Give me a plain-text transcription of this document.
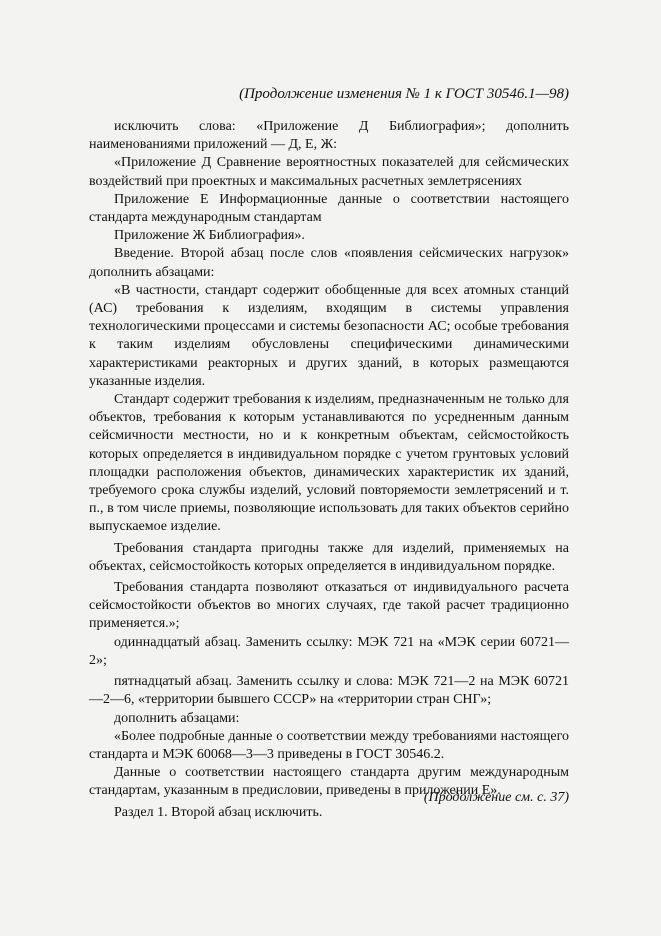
(Продолжение изменения № 1 к ГОСТ 30546.1—98)

исключить слова: «Приложение Д Библиография»; дополнить наименованиями приложений — Д, Е, Ж:

«Приложение Д Сравнение вероятностных показателей для сейсмических воздействий при проектных и максимальных расчетных землетрясениях

Приложение Е Информационные данные о соответствии настоящего стандарта международным стандартам

Приложение Ж Библиография».

Введение. Второй абзац после слов «появления сейсмических нагрузок» дополнить абзацами:

«В частности, стандарт содержит обобщенные для всех атомных станций (АС) требования к изделиям, входящим в системы управления технологическими процессами и системы безопасности АС; особые требования к таким изделиям обусловлены специфическими динамическими характеристиками реакторных и других зданий, в которых размещаются указанные изделия.

Стандарт содержит требования к изделиям, предназначенным не только для объектов, требования к которым устанавливаются по усредненным данным сейсмичности местности, но и к конкретным объектам, сейсмостойкость которых определяется в индивидуальном порядке с учетом грунтовых условий площадки расположения объектов, динамических характеристик их зданий, требуемого срока службы изделий, условий повторяемости землетрясений и т. п., в том числе приемы, позволяющие использовать для таких объектов серийно выпускаемое изделие.

Требования стандарта пригодны также для изделий, применяемых на объектах, сейсмостойкость которых определяется в индивидуальном порядке.

Требования стандарта позволяют отказаться от индивидуального расчета сейсмостойкости объектов во многих случаях, где такой расчет традиционно применяется.»;

одиннадцатый абзац. Заменить ссылку: МЭК 721 на «МЭК серии 60721—2»;

пятнадцатый абзац. Заменить ссылку и слова: МЭК 721—2 на МЭК 60721—2—6, «территории бывшего СССР» на «территории стран СНГ»;

дополнить абзацами:

«Более подробные данные о соответствии между требованиями настоящего стандарта и МЭК 60068—3—3 приведены в ГОСТ 30546.2.

Данные о соответствии настоящего стандарта другим международным стандартам, указанным в предисловии, приведены в приложении Е».

Раздел 1. Второй абзац исключить.

(Продолжение см. с. 37)
